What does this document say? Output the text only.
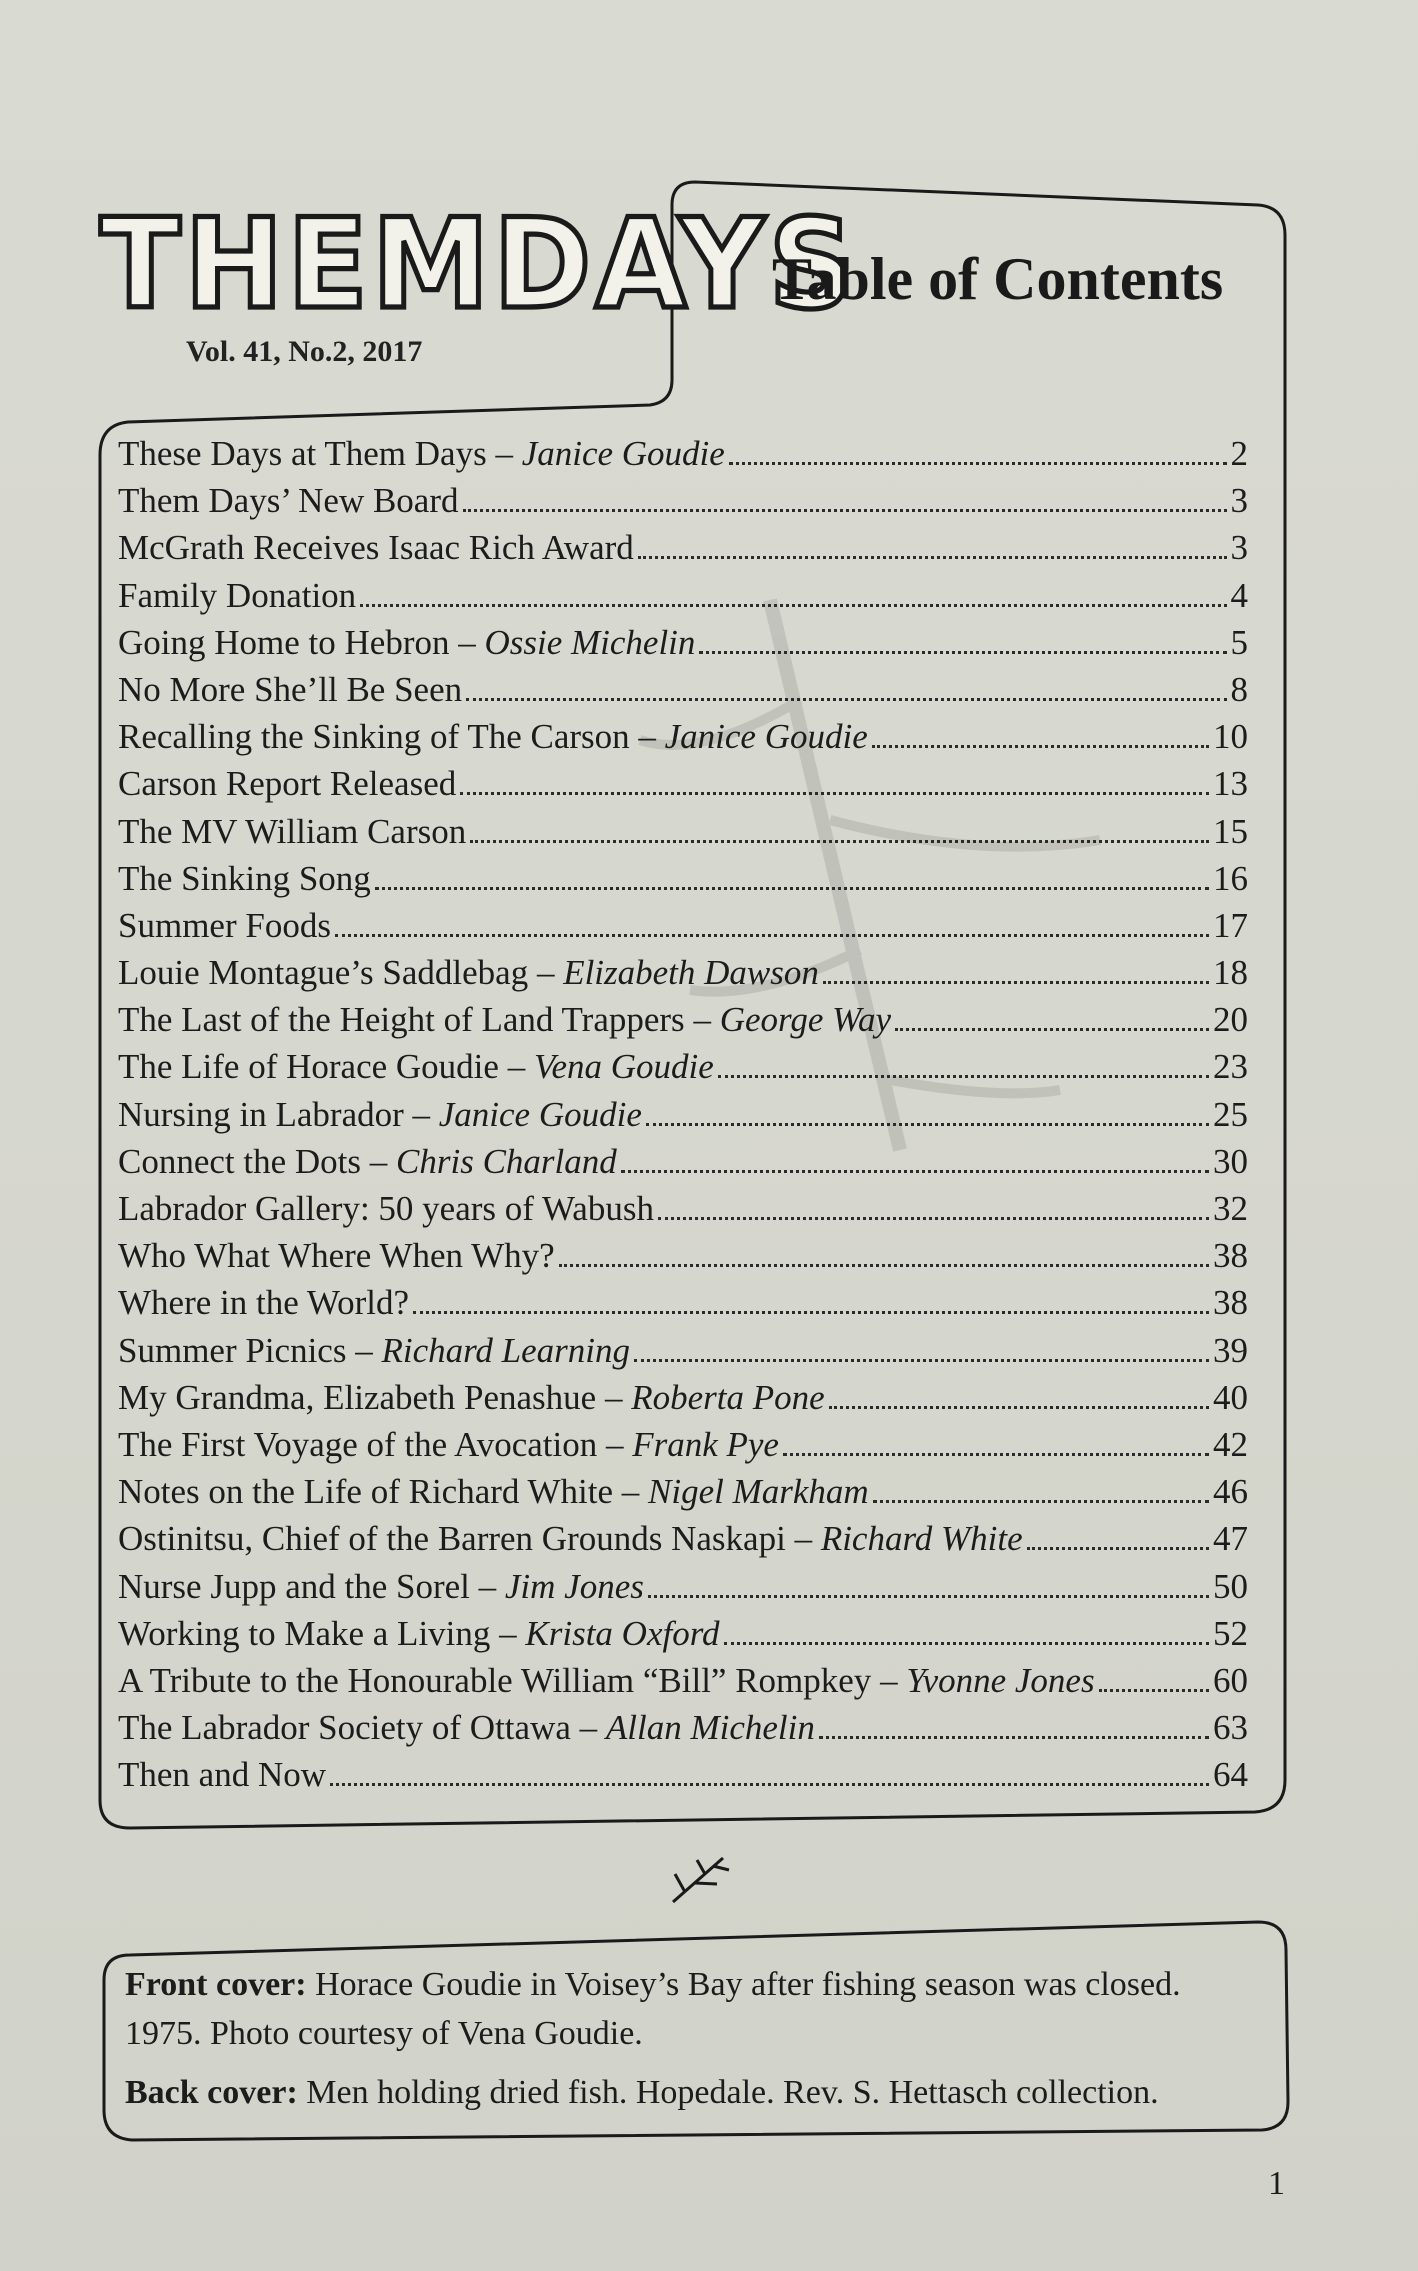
THEMDAYS
Vol. 41, No.2, 2017
Table of Contents
These Days at Them Days – Janice Goudie	2
Them Days’ New Board	3
McGrath Receives Isaac Rich Award	3
Family Donation	4
Going Home to Hebron – Ossie Michelin	5
No More She’ll Be Seen	8
Recalling the Sinking of The Carson – Janice Goudie	10
Carson Report Released	13
The MV William Carson	15
The Sinking Song	16
Summer Foods	17
Louie Montague’s Saddlebag – Elizabeth Dawson	18
The Last of the Height of Land Trappers – George Way	20
The Life of Horace Goudie – Vena Goudie	23
Nursing in Labrador – Janice Goudie	25
Connect the Dots – Chris Charland	30
Labrador Gallery: 50 years of Wabush	32
Who What Where When Why?	38
Where in the World?	38
Summer Picnics – Richard Learning	39
My Grandma, Elizabeth Penashue – Roberta Pone	40
The First Voyage of the Avocation – Frank Pye	42
Notes on the Life of Richard White – Nigel Markham	46
Ostinitsu, Chief of the Barren Grounds Naskapi – Richard White	47
Nurse Jupp and the Sorel – Jim Jones	50
Working to Make a Living – Krista Oxford	52
A Tribute to the Honourable William “Bill” Rompkey – Yvonne Jones	60
The Labrador Society of Ottawa – Allan Michelin	63
Then and Now	64
Front cover: Horace Goudie in Voisey’s Bay after fishing season was closed.
1975. Photo courtesy of Vena Goudie.
Back cover: Men holding dried fish. Hopedale. Rev. S. Hettasch collection.
1
